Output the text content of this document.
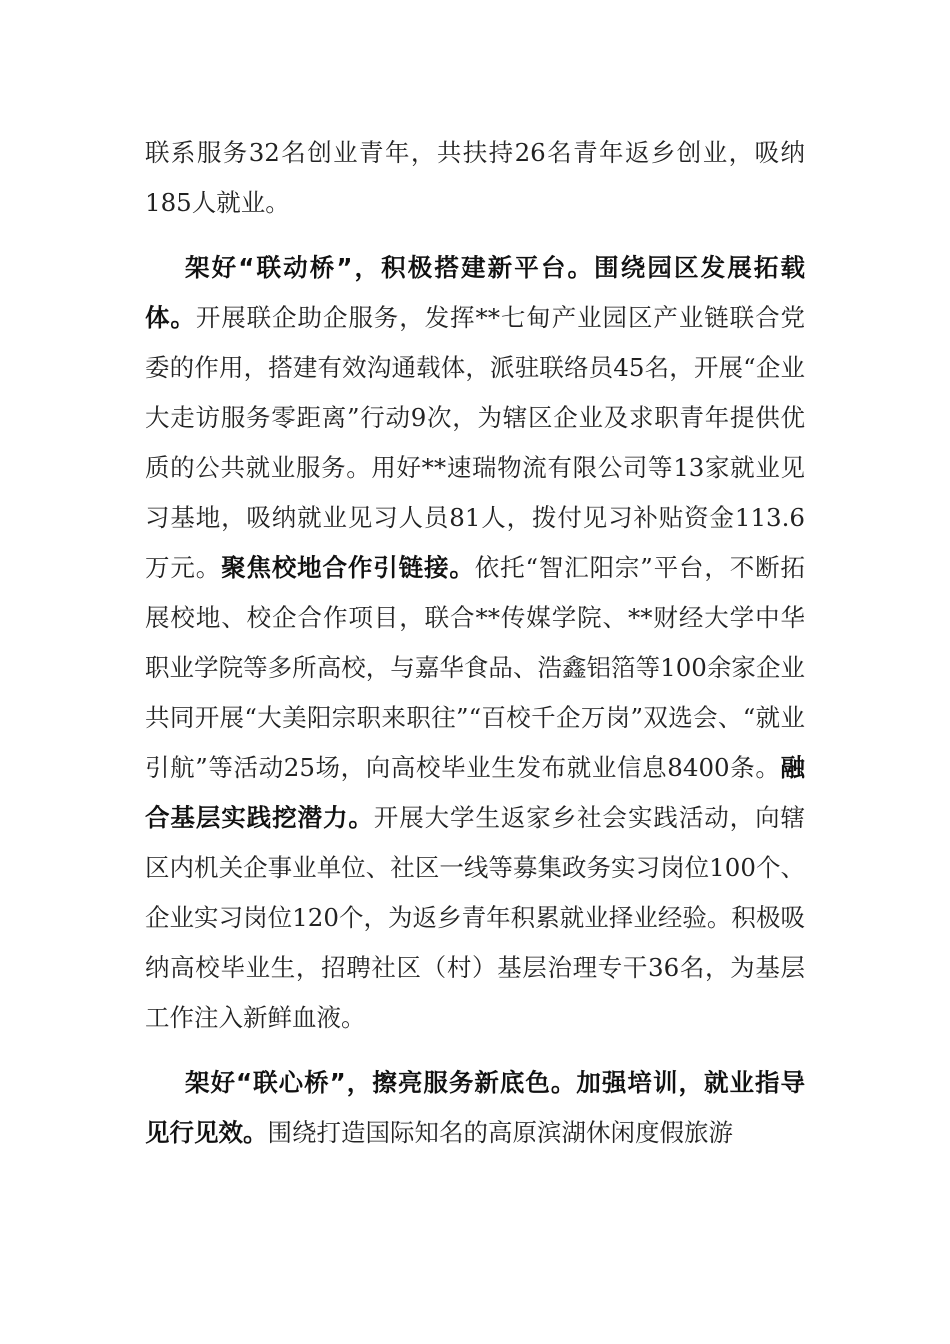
联系服务32名创业青年，共扶持26名青年返乡创业，吸纳185人就业。

架好“联动桥”，积极搭建新平台。围绕园区发展拓载体。开展联企助企服务，发挥**七甸产业园区产业链联合党委的作用，搭建有效沟通载体，派驻联络员45名，开展“企业大走访服务零距离”行动9次，为辖区企业及求职青年提供优质的公共就业服务。用好**速瑞物流有限公司等13家就业见习基地，吸纳就业见习人员81人，拨付见习补贴资金113.6万元。聚焦校地合作引链接。依托“智汇阳宗”平台，不断拓展校地、校企合作项目，联合**传媒学院、**财经大学中华职业学院等多所高校，与嘉华食品、浩鑫铝箔等100余家企业共同开展“大美阳宗职来职往”“百校千企万岗”双选会、“就业引航”等活动25场，向高校毕业生发布就业信息8400条。融合基层实践挖潜力。开展大学生返家乡社会实践活动，向辖区内机关企事业单位、社区一线等募集政务实习岗位100个、企业实习岗位120个，为返乡青年积累就业择业经验。积极吸纳高校毕业生，招聘社区（村）基层治理专干36名，为基层工作注入新鲜血液。

架好“联心桥”，擦亮服务新底色。加强培训，就业指导见行见效。围绕打造国际知名的高原滨湖休闲度假旅游
